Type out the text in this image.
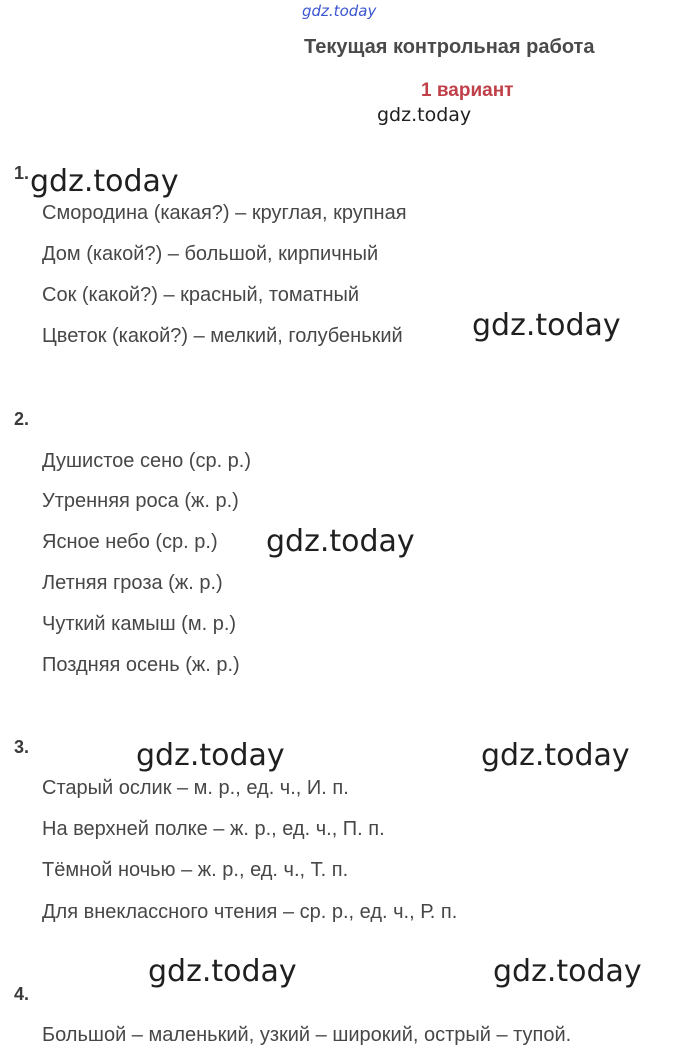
gdz.today
gdz.today
Текущая контрольная работа
1 вариант
1. gdz.today
Смородина (какая?) – круглая, крупная
Дом (какой?) – большой, кирпичный
Сок (какой?) – красный, томатный
Цветок (какой?) – мелкий, голубенький gdz.today
2.
Душистое сено (ср. р.)
Утренняя роса (ж. р.)
Ясное небо (ср. р.) gdz.today
Летняя гроза (ж. р.)
Чуткий камыш (м. р.)
Поздняя осень (ж. р.)
3.	gdz.today	gdz.today
Старый ослик – м. р., ед. ч., И. п.
На верхней полке – ж. р., ед. ч., П. п.
Тёмной ночью – ж. р., ед. ч., Т. п.
Для внеклассного чтения – ср. р., ед. ч., Р. п.
gdz.today	gdz.today
4.
Большой – маленький, узкий – широкий, острый – тупой.
